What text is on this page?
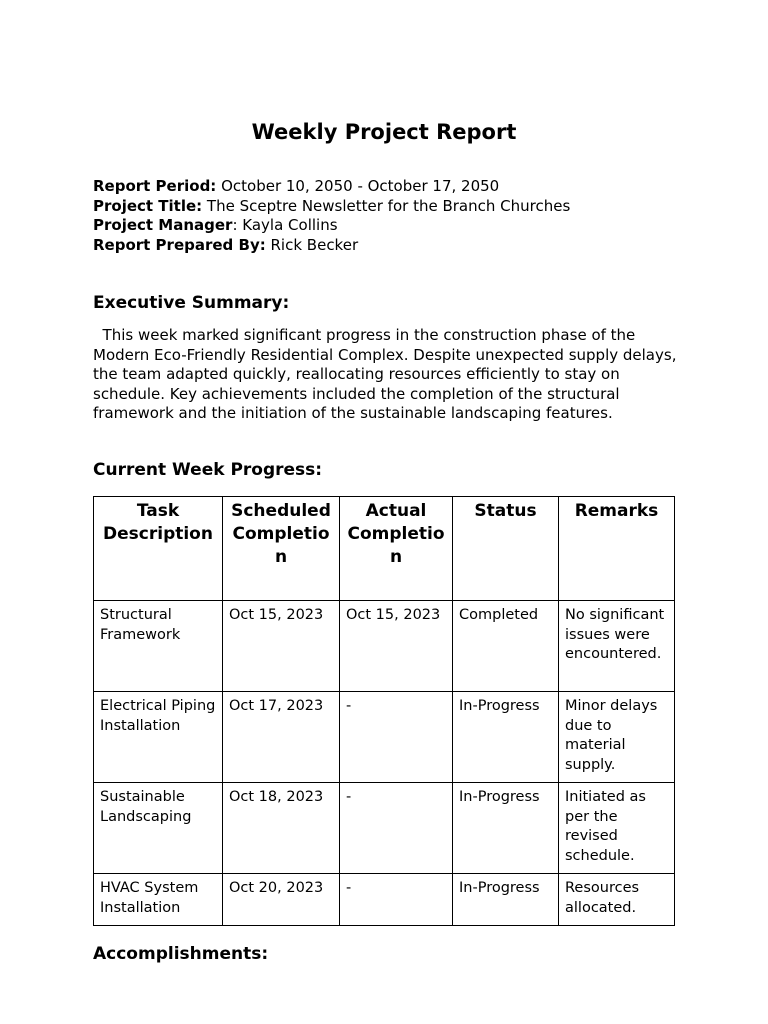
Weekly Project Report
Report Period: October 10, 2050 - October 17, 2050
Project Title: The Sceptre Newsletter for the Branch Churches
Project Manager: Kayla Collins
Report Prepared By: Rick Becker
Executive Summary:

This week marked significant progress in the construction phase of the Modern Eco-Friendly Residential Complex. Despite unexpected supply delays, the team adapted quickly, reallocating resources efficiently to stay on schedule. Key achievements included the completion of the structural framework and the initiation of the sustainable landscaping features.

Current Week Progress:
Task Description	Scheduled Completion	Actual Completion	Status	Remarks
Structural Framework	Oct 15, 2023	Oct 15, 2023	Completed	No significant issues were encountered.
Electrical Piping Installation	Oct 17, 2023	-	In-Progress	Minor delays due to material supply.
Sustainable Landscaping	Oct 18, 2023	-	In-Progress	Initiated as per the revised schedule.
HVAC System Installation	Oct 20, 2023	-	In-Progress	Resources allocated.
Accomplishments:
